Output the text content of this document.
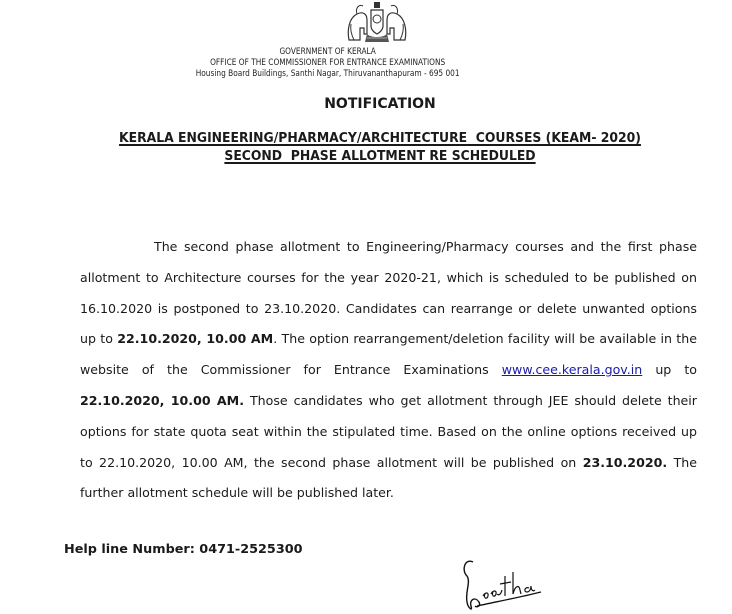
GOVERNMENT OF KERALA
OFFICE OF THE COMMISSIONER FOR ENTRANCE EXAMINATIONS
Housing Board Buildings, Santhi Nagar, Thiruvananthapuram - 695 001
NOTIFICATION
KERALA ENGINEERING/PHARMACY/ARCHITECTURE  COURSES (KEAM- 2020)
SECOND  PHASE ALLOTMENT RE SCHEDULED
The second phase allotment to Engineering/Pharmacy courses and the first phase allotment to Architecture courses for the year 2020-21, which is scheduled to be published on 16.10.2020 is postponed to 23.10.2020. Candidates can rearrange or delete unwanted options up to 22.10.2020, 10.00 AM. The option rearrangement/deletion facility will be available in the website of the Commissioner for Entrance Examinations www.cee.kerala.gov.in up to 22.10.2020, 10.00 AM. Those candidates who get allotment through JEE should delete their options for state quota seat within the stipulated time. Based on the online options received up to 22.10.2020, 10.00 AM, the second phase allotment will be published on 23.10.2020. The further allotment schedule will be published later.
Help line Number: 0471-2525300
